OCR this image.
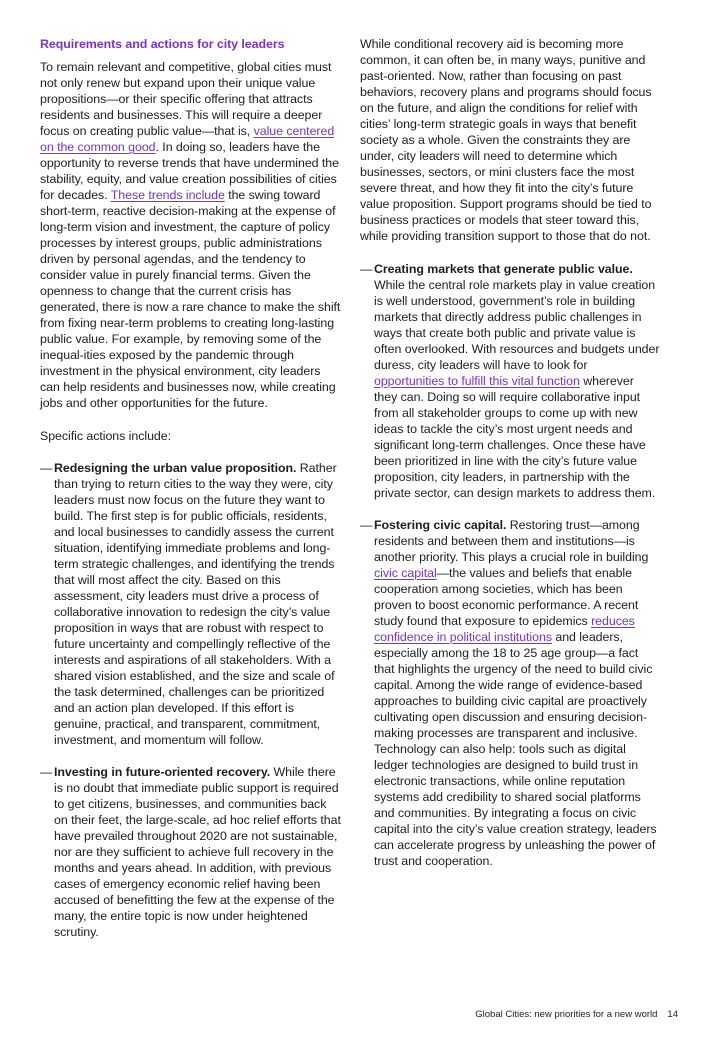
Requirements and actions for city leaders

To remain relevant and competitive, global cities must not only renew but expand upon their unique value propositions—or their specific offering that attracts residents and businesses. This will require a deeper focus on creating public value—that is, value centered on the common good. In doing so, leaders have the opportunity to reverse trends that have undermined the stability, equity, and value creation possibilities of cities for decades. These trends include the swing toward short-term, reactive decision-making at the expense of long-term vision and investment, the capture of policy processes by interest groups, public administrations driven by personal agendas, and the tendency to consider value in purely financial terms. Given the openness to change that the current crisis has generated, there is now a rare chance to make the shift from fixing near-term problems to creating long-lasting public value. For example, by removing some of the inequal-ities exposed by the pandemic through investment in the physical environment, city leaders can help residents and businesses now, while creating jobs and other opportunities for the future.

Specific actions include:

— Redesigning the urban value proposition. Rather than trying to return cities to the way they were, city leaders must now focus on the future they want to build. The first step is for public officials, residents, and local businesses to candidly assess the current situation, identifying immediate problems and long-term strategic challenges, and identifying the trends that will most affect the city. Based on this assessment, city leaders must drive a process of collaborative innovation to redesign the city’s value proposition in ways that are robust with respect to future uncertainty and compellingly reflective of the interests and aspirations of all stakeholders. With a shared vision established, and the size and scale of the task determined, challenges can be prioritized and an action plan developed. If this effort is genuine, practical, and transparent, commitment, investment, and momentum will follow.
— Investing in future-oriented recovery. While there is no doubt that immediate public support is required to get citizens, businesses, and communities back on their feet, the large-scale, ad hoc relief efforts that have prevailed throughout 2020 are not sustainable, nor are they sufficient to achieve full recovery in the months and years ahead. In addition, with previous cases of emergency economic relief having been accused of benefitting the few at the expense of the many, the entire topic is now under heightened scrutiny.

While conditional recovery aid is becoming more common, it can often be, in many ways, punitive and past-oriented. Now, rather than focusing on past behaviors, recovery plans and programs should focus on the future, and align the conditions for relief with cities’ long-term strategic goals in ways that benefit society as a whole. Given the constraints they are under, city leaders will need to determine which businesses, sectors, or mini clusters face the most severe threat, and how they fit into the city’s future value proposition. Support programs should be tied to business practices or models that steer toward this, while providing transition support to those that do not.

— Creating markets that generate public value. While the central role markets play in value creation is well understood, government’s role in building markets that directly address public challenges in ways that create both public and private value is often overlooked. With resources and budgets under duress, city leaders will have to look for opportunities to fulfill this vital function wherever they can. Doing so will require collaborative input from all stakeholder groups to come up with new ideas to tackle the city’s most urgent needs and significant long-term challenges. Once these have been prioritized in line with the city’s future value proposition, city leaders, in partnership with the private sector, can design markets to address them.
— Fostering civic capital. Restoring trust—among residents and between them and institutions—is another priority. This plays a crucial role in building civic capital—the values and beliefs that enable cooperation among societies, which has been proven to boost economic performance. A recent study found that exposure to epidemics reduces confidence in political institutions and leaders, especially among the 18 to 25 age group—a fact that highlights the urgency of the need to build civic capital. Among the wide range of evidence-based approaches to building civic capital are proactively cultivating open discussion and ensuring decision-making processes are transparent and inclusive. Technology can also help: tools such as digital ledger technologies are designed to build trust in electronic transactions, while online reputation systems add credibility to shared social platforms and communities. By integrating a focus on civic capital into the city’s value creation strategy, leaders can accelerate progress by unleashing the power of trust and cooperation.
Global Cities: new priorities for a new world 14
